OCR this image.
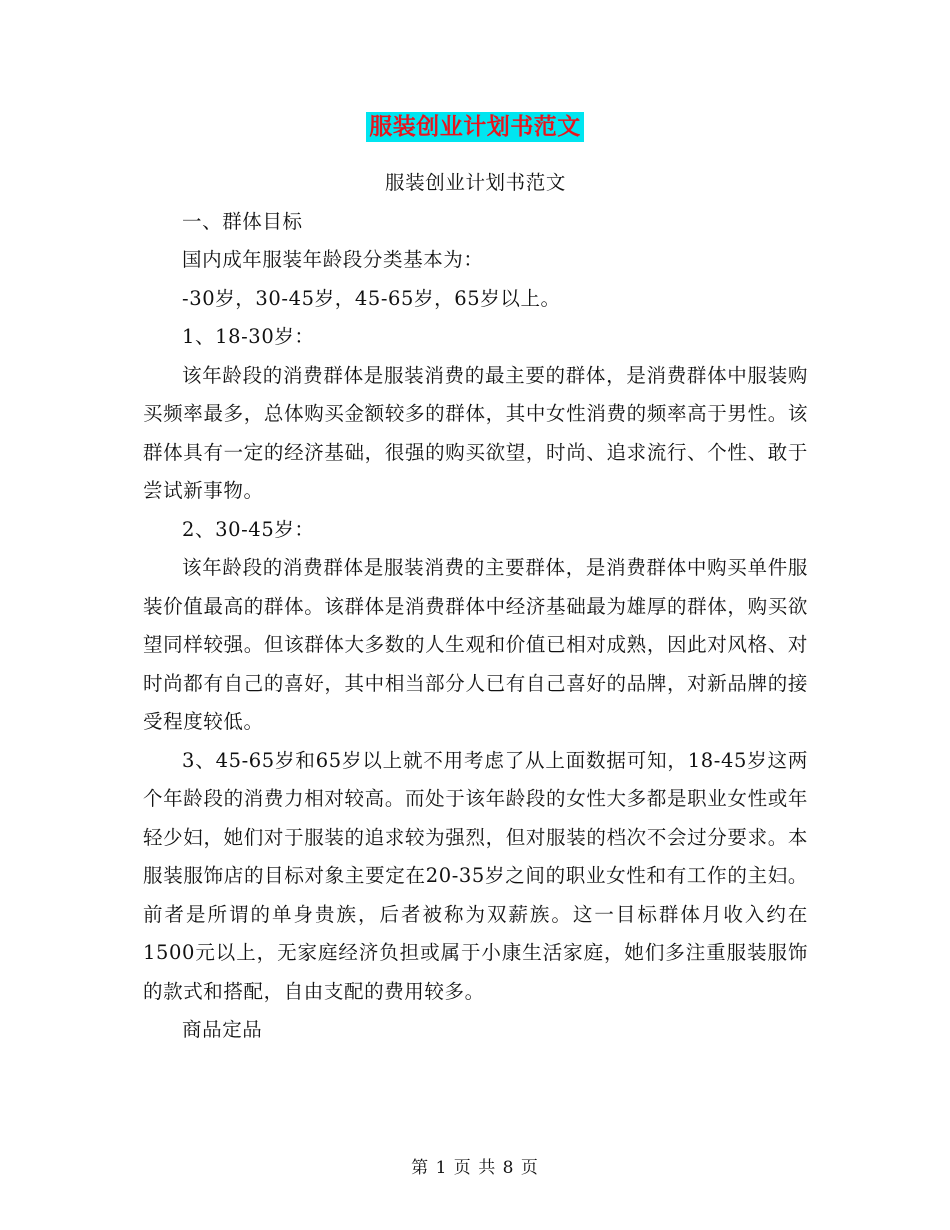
服装创业计划书范文

服装创业计划书范文

一、群体目标

国内成年服装年龄段分类基本为：

-30岁，30-45岁，45-65岁，65岁以上。

1、18-30岁：

该年龄段的消费群体是服装消费的最主要的群体，是消费群体中服装购买频率最多，总体购买金额较多的群体，其中女性消费的频率高于男性。该群体具有一定的经济基础，很强的购买欲望，时尚、追求流行、个性、敢于尝试新事物。

2、30-45岁：

该年龄段的消费群体是服装消费的主要群体，是消费群体中购买单件服装价值最高的群体。该群体是消费群体中经济基础最为雄厚的群体，购买欲望同样较强。但该群体大多数的人生观和价值已相对成熟，因此对风格、对时尚都有自己的喜好，其中相当部分人已有自己喜好的品牌，对新品牌的接受程度较低。

3、45-65岁和65岁以上就不用考虑了从上面数据可知，18-45岁这两个年龄段的消费力相对较高。而处于该年龄段的女性大多都是职业女性或年轻少妇，她们对于服装的追求较为强烈，但对服装的档次不会过分要求。本服装服饰店的目标对象主要定在20-35岁之间的职业女性和有工作的主妇。前者是所谓的单身贵族，后者被称为双薪族。这一目标群体月收入约在1500元以上，无家庭经济负担或属于小康生活家庭，她们多注重服装服饰的款式和搭配，自由支配的费用较多。

商品定品

第 1 页 共 8 页
